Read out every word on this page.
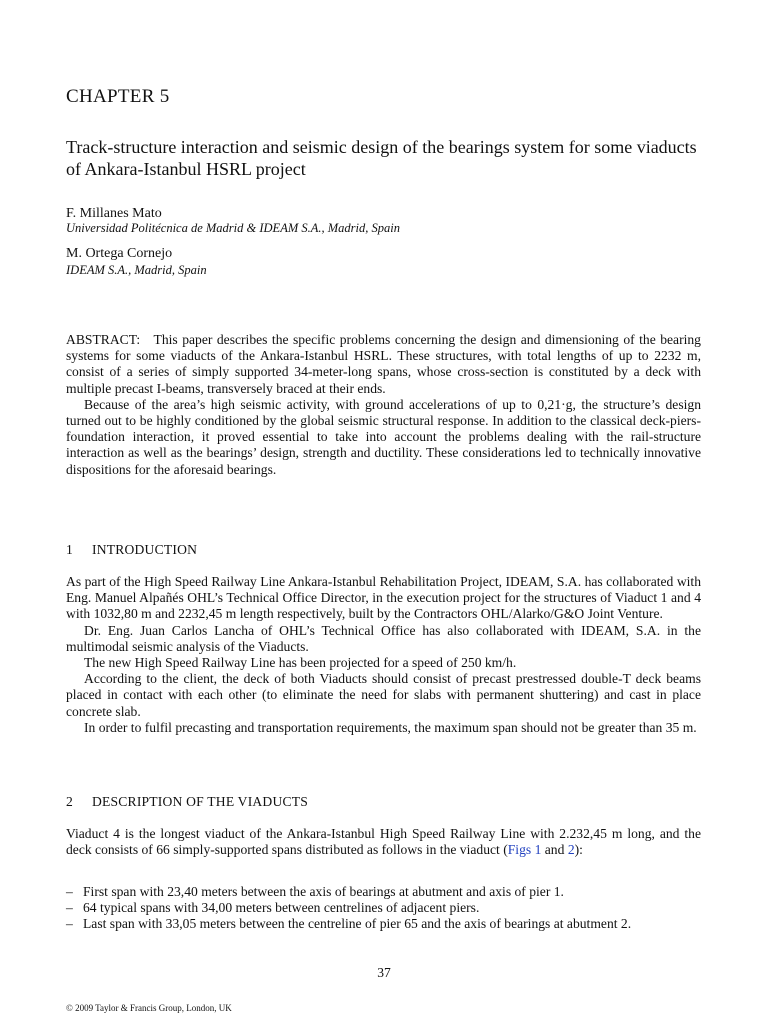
CHAPTER 5
Track-structure interaction and seismic design of the bearings system for some viaducts of Ankara-Istanbul HSRL project
F. Millanes Mato
Universidad Politécnica de Madrid & IDEAM S.A., Madrid, Spain
M. Ortega Cornejo
IDEAM S.A., Madrid, Spain

ABSTRACT: This paper describes the specific problems concerning the design and dimensioning of the bearing systems for some viaducts of the Ankara-Istanbul HSRL. These structures, with total lengths of up to 2232 m, consist of a series of simply supported 34-meter-long spans, whose cross-section is constituted by a deck with multiple precast I-beams, transversely braced at their ends.

Because of the area’s high seismic activity, with ground accelerations of up to 0,21·g, the structure’s design turned out to be highly conditioned by the global seismic structural response. In addition to the classical deck-piers-foundation interaction, it proved essential to take into account the problems dealing with the rail-structure interaction as well as the bearings’ design, strength and ductility. These considerations led to technically innovative dispositions for the aforesaid bearings.

1 INTRODUCTION

As part of the High Speed Railway Line Ankara-Istanbul Rehabilitation Project, IDEAM, S.A. has collaborated with Eng. Manuel Alpañés OHL’s Technical Office Director, in the execution project for the structures of Viaduct 1 and 4 with 1032,80 m and 2232,45 m length respectively, built by the Contractors OHL/Alarko/G&O Joint Venture.

Dr. Eng. Juan Carlos Lancha of OHL’s Technical Office has also collaborated with IDEAM, S.A. in the multimodal seismic analysis of the Viaducts.

The new High Speed Railway Line has been projected for a speed of 250 km/h.

According to the client, the deck of both Viaducts should consist of precast prestressed double-T deck beams placed in contact with each other (to eliminate the need for slabs with permanent shuttering) and cast in place concrete slab.

In order to fulfil precasting and transportation requirements, the maximum span should not be greater than 35 m.

2 DESCRIPTION OF THE VIADUCTS

Viaduct 4 is the longest viaduct of the Ankara-Istanbul High Speed Railway Line with 2.232,45 m long, and the deck consists of 66 simply-supported spans distributed as follows in the viaduct (Figs 1 and 2):

– First span with 23,40 meters between the axis of bearings at abutment and axis of pier 1.
– 64 typical spans with 34,00 meters between centrelines of adjacent piers.
– Last span with 33,05 meters between the centreline of pier 65 and the axis of bearings at abutment 2.
37
© 2009 Taylor & Francis Group, London, UK
